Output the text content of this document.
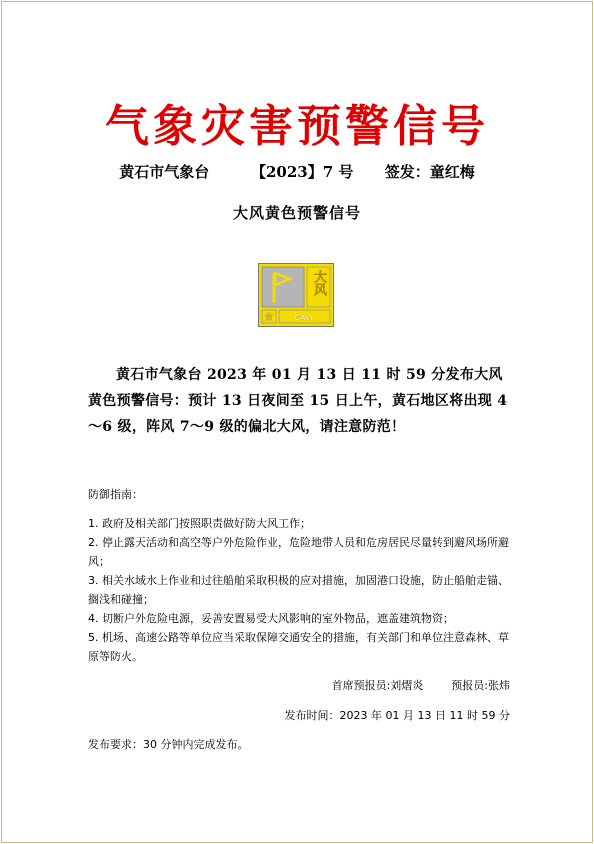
气象灾害预警信号
黄石市气象台	【2023】7 号 签发：童红梅
大风黄色预警信号
大风
黄	GALE
黄石市气象台 2023 年 01 月 13 日 11 时 59 分发布大风黄色预警信号：预计 13 日夜间至 15 日上午，黄石地区将出现 4～6 级，阵风 7～9 级的偏北大风，请注意防范！
防御指南：
1. 政府及相关部门按照职责做好防大风工作；
2. 停止露天活动和高空等户外危险作业，危险地带人员和危房居民尽量转到避风场所避风；
3. 相关水域水上作业和过往船舶采取积极的应对措施，加固港口设施，防止船舶走锚、搁浅和碰撞；
4. 切断户外危险电源，妥善安置易受大风影响的室外物品，遮盖建筑物资；
5. 机场、高速公路等单位应当采取保障交通安全的措施，有关部门和单位注意森林、草原等防火。
首席预报员:刘熠炎	预报员:张炜
发布时间：2023 年 01 月 13 日 11 时 59 分
发布要求：30 分钟内完成发布。
